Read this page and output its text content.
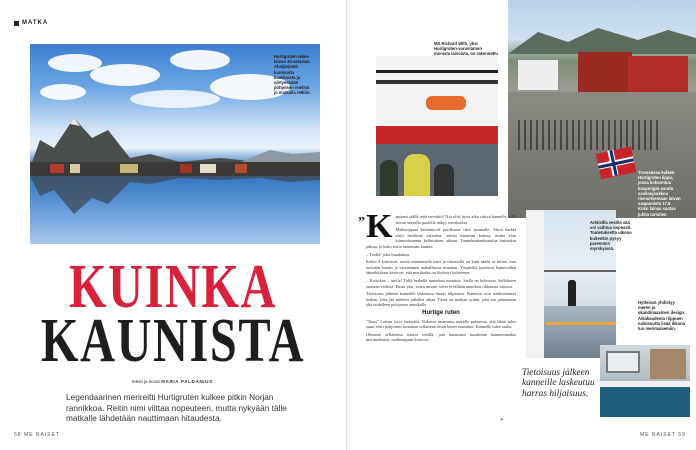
MATKA
Hurtigruten tekee laivan 34 satamaa Alusjärjestä luonnosta kaakkoista ja siirtyessään pohjoisen mielinä jo matkalla retkiin.
KUINKA
KAUNISTA
teksti ja kuvat MARIA PALDANIUS
Legendaarinen merireitti Hurtigruten kulkee pitkin Norjan rannikkoa. Reitin nimi viittaa nopeuteen, mutta nykyään tälle matkalle lähdetään nauttimaan hitaudesta.
58 ME NAISET
MS Richard With, yksi Hurtigruten-varustamon monista laivoista, on rakennettu
Tromsøssa kulkee Hurtigruten lippu, jossa kokoontuu kaupungin suurta asukasjoukkoa riemuitsemaan laivan saapumista 17.5. Koko lainaa saataa juhlia turistien merinä.
Arktisilla vesillä sää voi vaihtua nopeasti. Tuuletuksetta ulkona kuitenkin pysyy paremmin myrskyissä.
Hytteissä yhdistyy meren ja skandinaavinen design. Aikakaudesta riippuen valoisuutta lisää ikkuna luo merimaisemiin.
Tietoisuus jälkeen kanneille laskeutuu harras hiljaisuus.
” K apteeni täällä teitä tervehtii! Nyt olisi hyvä aika siirtyä kannelle, sillä laivan oikealla puolella näkyy merikotkia.

Matkaoppaat kerääntyvät puolkaasa siksi istumalle. Tässä kaikki aistit herkkinä valmiina, otteita kameran kanssa, mutta vain kiinnostuneena kellutuksen aikaan. Tunnelmakeskustelua kuitenkin jatkuu, ja koko reitin tunnetaan kunnia.

– Tuolla! joku huudahtaa.

Kohta 4 kokoavat, mutta muutamalla meri ja ilmastolla on kuin saada se kiinni, kun turistien kaunis ja varsinainen rauhallisuus muuttuu. Ympäriltä kuuluvat kameroiden räpsähdykset kertovat, että merikotka on löytänyt kohteensa.

– Katsokaa – tuolla! Tällä hetkellä tunnelma muuttuu. Siellä ne kohoavat, kellahtaen suoraan vedestä. Ensin yksi, sitten monta, siivet levällään rannikon rikkaassa valossa.

Tietoisuus jälkeen kanneille laskeutuu harras hiljaisuus. Kamerat ovat nauhoittaneet hetken, joka jää mieleen pitkäksi aikaa. Tässä on matkan sydän, joka saa palaamaan yhä uudelleen pohjoisen rannikolle.

Hurtige ruten

"Tuuti" Laivan torvi täräyttää. Viikassa satamasta merelle puhuessa, että lähtö tulee suuri reitti pohjoisen suuntaan sellaisena aivan kuten ennenkin. Kannelle tulee rauha.

Olemme sellaisessa tilassa reitillä, jota kutsutaan maailman kauneimmaksi merimatkaksi, matkaoppaat kertovat.

»
ME NAISET 59
